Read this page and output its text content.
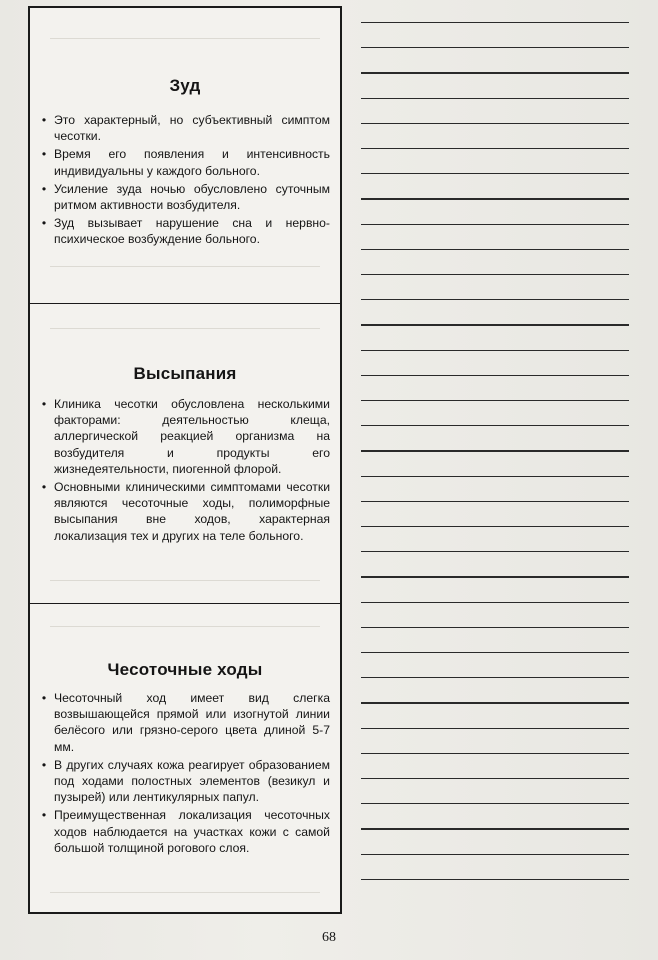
Зуд
• Это характерный, но субъективный симптом чесотки.
• Время его появления и интенсивность индивидуальны у каждого больного.
• Усиление зуда ночью обусловлено суточным ритмом активности возбудителя.
• Зуд вызывает нарушение сна и нервно-психическое возбуждение больного.
Высыпания
• Клиника чесотки обусловлена несколькими факторами: деятельностью клеща, аллергической реакцией организма на возбудителя и продукты его жизнедеятельности, пиогенной флорой.
• Основными клиническими симптомами чесотки являются чесоточные ходы, полиморфные высыпания вне ходов, характерная локализация тех и других на теле больного.
Чесоточные ходы
• Чесоточный ход имеет вид слегка возвышающейся прямой или изогнутой линии белёсого или грязно-серого цвета длиной 5-7 мм.
• В других случаях кожа реагирует образованием под ходами полостных элементов (везикул и пузырей) или лентикулярных папул.
• Преимущественная локализация чесоточных ходов наблюдается на участках кожи с самой большой толщиной рогового слоя.
68
